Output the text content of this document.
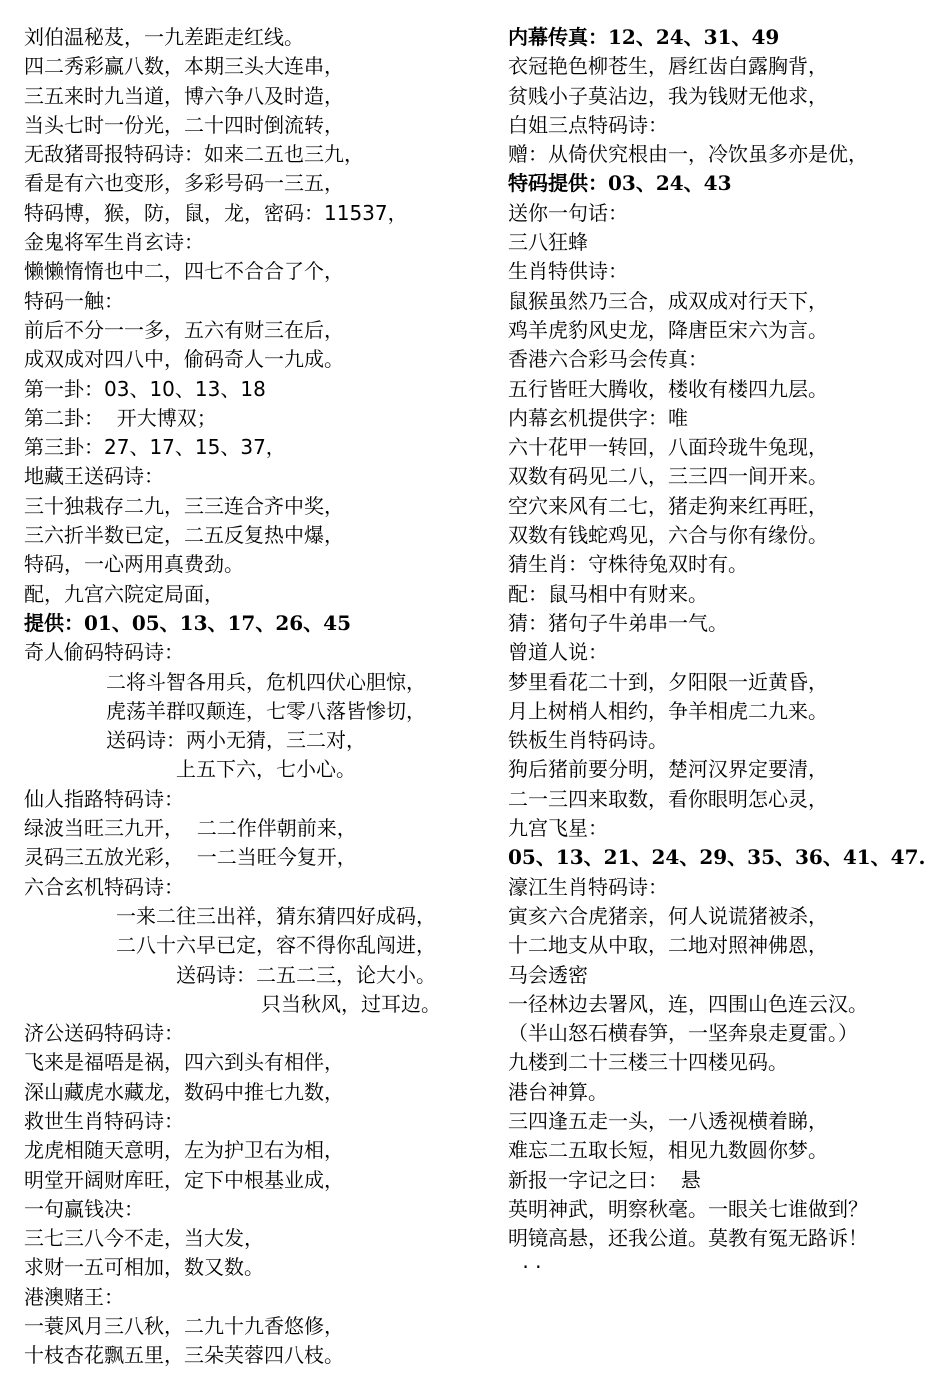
刘伯温秘芨，一九差距走红线。
四二秀彩赢八数，本期三头大连串，
三五来时九当道，博六争八及时造，
当头七时一份光，二十四时倒流转，
无敌猪哥报特码诗：如来二五也三九，
看是有六也变形，多彩号码一三五，
特码博，猴，防，鼠，龙，密码：11537，
金鬼将军生肖玄诗：
懒懒惰惰也中二，四七不合合了个，
特码一触：
前后不分一一多，五六有财三在后，
成双成对四八中，偷码奇人一九成。
第一卦：03、10、13、18
第二卦：  开大博双；
第三卦：27、17、15、37，
地藏王送码诗：
三十独栽存二九，三三连合齐中奖，
三六折半数已定，二五反复热中爆，
特码，一心两用真费劲。
配，九宫六院定局面，
提供：01、05、13、17、26、45
奇人偷码特码诗：
二将斗智各用兵，危机四伏心胆惊，
虎荡羊群叹颠连，七零八落皆惨切，
送码诗：两小无猜，三二对，
上五下六，七小心。
仙人指路特码诗：
绿波当旺三九开，  二二作伴朝前来，
灵码三五放光彩，  一二当旺今复开，
六合玄机特码诗：
一来二往三出祥，猜东猜四好成码，
二八十六早已定，容不得你乱闯进，
送码诗：二五二三，论大小。
只当秋风，过耳边。
济公送码特码诗：
飞来是福唔是祸，四六到头有相伴，
深山藏虎水藏龙，数码中推七九数，
救世生肖特码诗：
龙虎相随天意明，左为护卫右为相，
明堂开阔财库旺，定下中根基业成，
一句赢钱决：
三七三八今不走，当大发，
求财一五可相加，数又数。
港澳赌王：
一蓑风月三八秋，二九十九香悠修，
十枝杏花飘五里，三朵芙蓉四八枝。
内幕传真：12、24、31、49
衣冠艳色柳苍生，唇红齿白露胸背，
贫贱小子莫沾边，我为钱财无他求，
白姐三点特码诗：
赠：从倚伏究根由一，冷饮虽多亦是优，
特码提供：03、24、43
送你一句话：
三八狂蜂
生肖特供诗：
鼠猴虽然乃三合，成双成对行天下，
鸡羊虎豹风史龙，降唐臣宋六为言。
香港六合彩马会传真：
五行皆旺大腾收，楼收有楼四九层。
内幕玄机提供字：唯
六十花甲一转回，八面玲珑牛兔现，
双数有码见二八，三三四一间开来。
空穴来风有二七，猪走狗来红再旺，
双数有钱蛇鸡见，六合与你有缘份。
猜生肖：守株待兔双时有。
配：鼠马相中有财来。
猜：猪句子牛弟串一气。
曾道人说：
梦里看花二十到，夕阳限一近黄昏，
月上树梢人相约，争羊相虎二九来。
铁板生肖特码诗。
狗后猪前要分明，楚河汉界定要清，
二一三四来取数，看你眼明怎心灵，
九宫飞星：
05、13、21、24、29、35、36、41、47.
濠江生肖特码诗：
寅亥六合虎猪亲，何人说谎猪被杀，
十二地支从中取，二地对照神佛恩，
马会透密
一径林边去署风，连，四围山色连云汉。
（半山怒石横春笋，一坚奔泉走夏雷。）
九楼到二十三楼三十四楼见码。
港台神算。
三四逢五走一头，一八透视横着睇，
难忘二五取长短，相见九数圆你梦。
新报一字记之曰：  悬
英明神武，明察秋毫。一眼关七谁做到？
明镜高悬，还我公道。莫教有冤无路诉！
· ·
